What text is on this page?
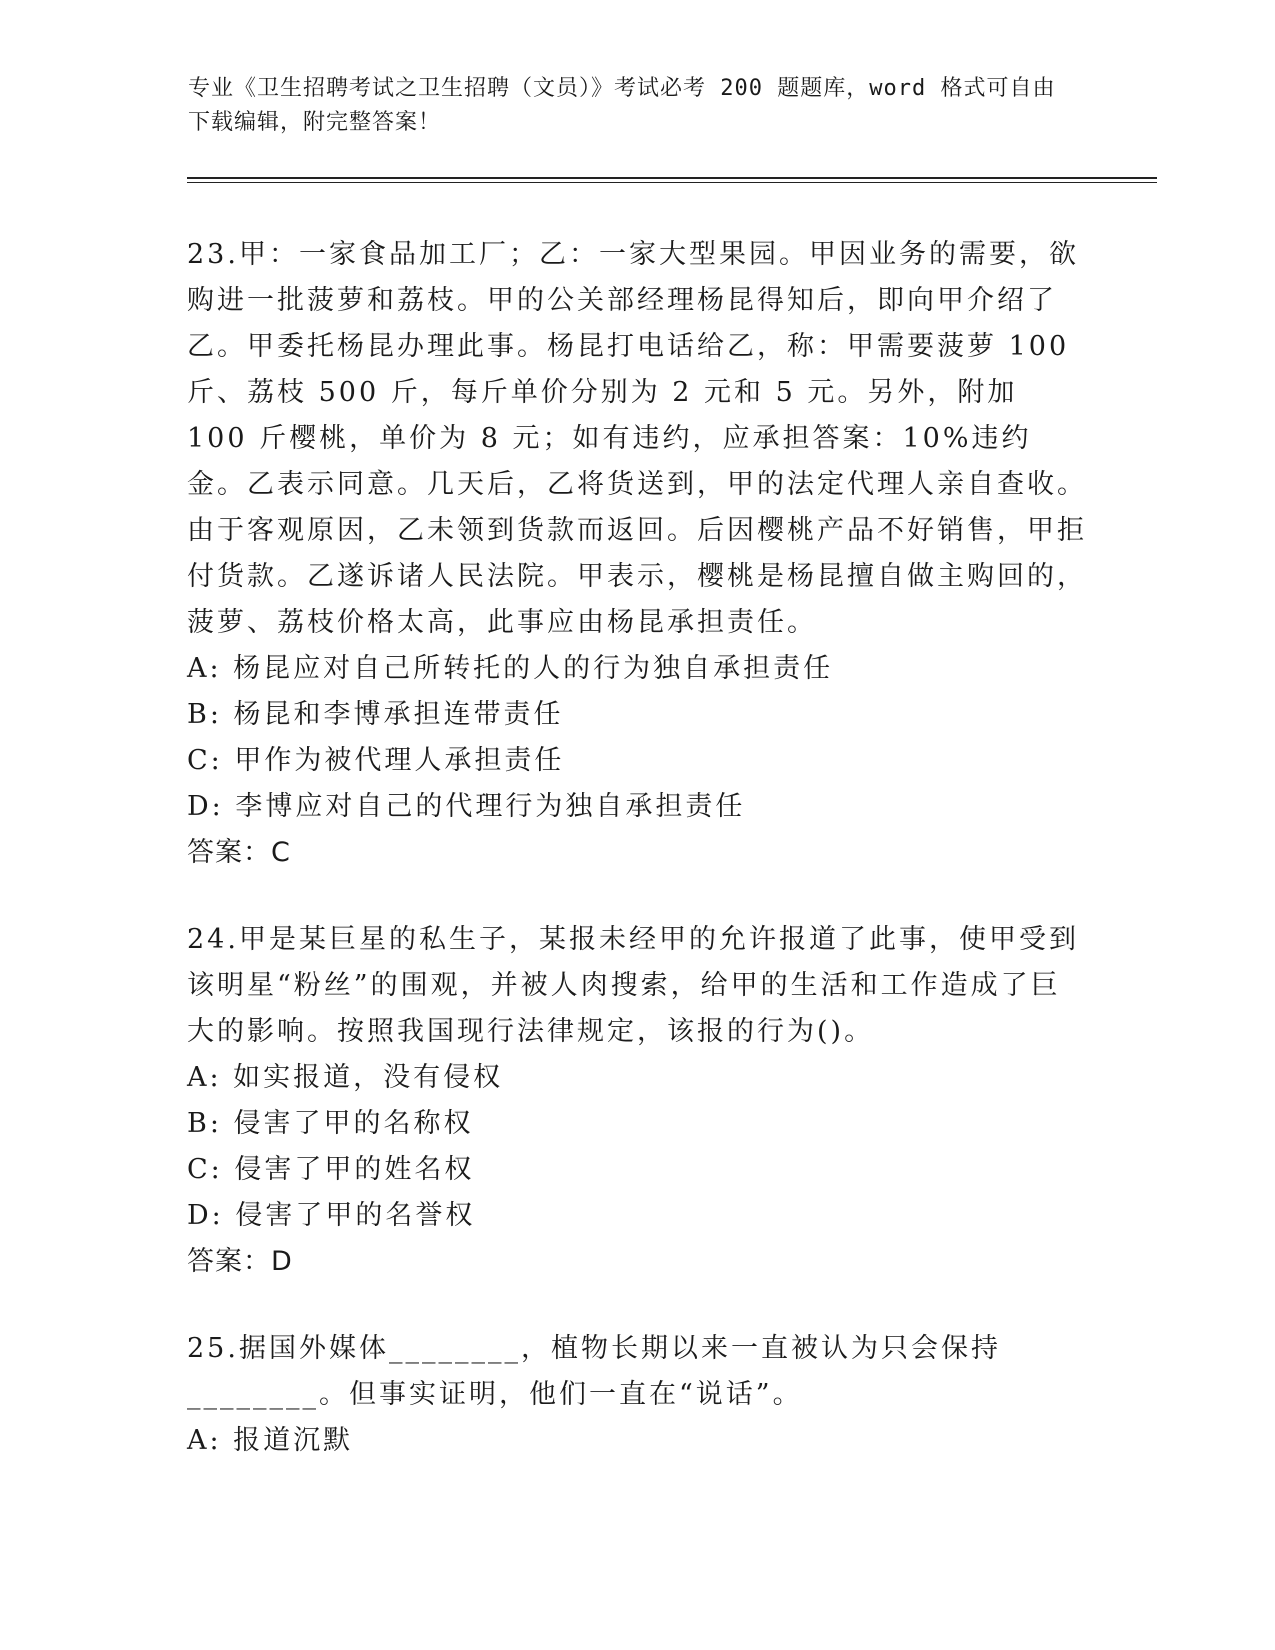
专业《卫生招聘考试之卫生招聘（文员）》考试必考 200 题题库，word 格式可自由下载编辑，附完整答案！

23.甲：一家食品加工厂；乙：一家大型果园。甲因业务的需要，欲购进一批菠萝和荔枝。甲的公关部经理杨昆得知后，即向甲介绍了乙。甲委托杨昆办理此事。杨昆打电话给乙，称：甲需要菠萝 100 斤、荔枝 500 斤，每斤单价分别为 2 元和 5 元。另外，附加 100 斤樱桃，单价为 8 元；如有违约，应承担答案：10%违约金。乙表示同意。几天后，乙将货送到，甲的法定代理人亲自查收。由于客观原因，乙未领到货款而返回。后因樱桃产品不好销售，甲拒付货款。乙遂诉诸人民法院。甲表示，樱桃是杨昆擅自做主购回的，菠萝、荔枝价格太高，此事应由杨昆承担责任。

A: 杨昆应对自己所转托的人的行为独自承担责任

B: 杨昆和李博承担连带责任

C: 甲作为被代理人承担责任

D: 李博应对自己的代理行为独自承担责任

答案：C

24.甲是某巨星的私生子，某报未经甲的允许报道了此事，使甲受到该明星“粉丝”的围观，并被人肉搜索，给甲的生活和工作造成了巨大的影响。按照我国现行法律规定，该报的行为()。

A: 如实报道，没有侵权

B: 侵害了甲的名称权

C: 侵害了甲的姓名权

D: 侵害了甲的名誉权

答案：D

25.据国外媒体________，植物长期以来一直被认为只会保持________。但事实证明，他们一直在“说话”。

A: 报道沉默
